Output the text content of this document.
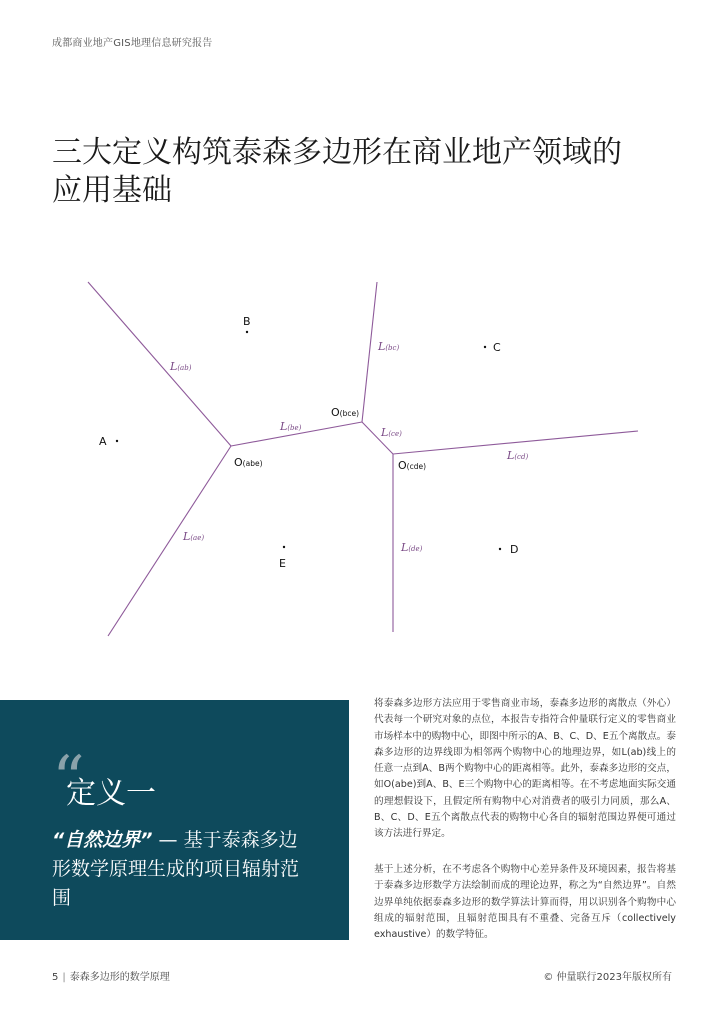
成都商业地产GIS地理信息研究报告
三大定义构筑泰森多边形在商业地产领域的
应用基础
A
B
C
D
E
O(abe)
O(bce)
O(cde)
L(ab)
L(be)
L(bc)
L(ce)
L(cd)
L(de)
L(ae)
“
定义一
“自然边界” — 基于泰森多边形数学原理生成的项目辐射范围
将泰森多边形方法应用于零售商业市场，泰森多边形的离散点（外心）代表每一个研究对象的点位，本报告专指符合仲量联行定义的零售商业市场样本中的购物中心，即图中所示的A、B、C、D、E五个离散点。泰森多边形的边界线即为相邻两个购物中心的地理边界，如L(ab)线上的任意一点到A、B两个购物中心的距离相等。此外，泰森多边形的交点，如O(abe)到A、B、E三个购物中心的距离相等。在不考虑地面实际交通的理想假设下，且假定所有购物中心对消费者的吸引力同质，那么A、B、C、D、E五个离散点代表的购物中心各自的辐射范围边界便可通过该方法进行界定。
基于上述分析，在不考虑各个购物中心差异条件及环境因素，报告将基于泰森多边形数学方法绘制而成的理论边界，称之为“自然边界”。自然边界单纯依据泰森多边形的数学算法计算而得，用以识别各个购物中心组成的辐射范围，且辐射范围具有不重叠、完备互斥（collectively exhaustive）的数学特征。
5 | 泰森多边形的数学原理	© 仲量联行2023年版权所有
